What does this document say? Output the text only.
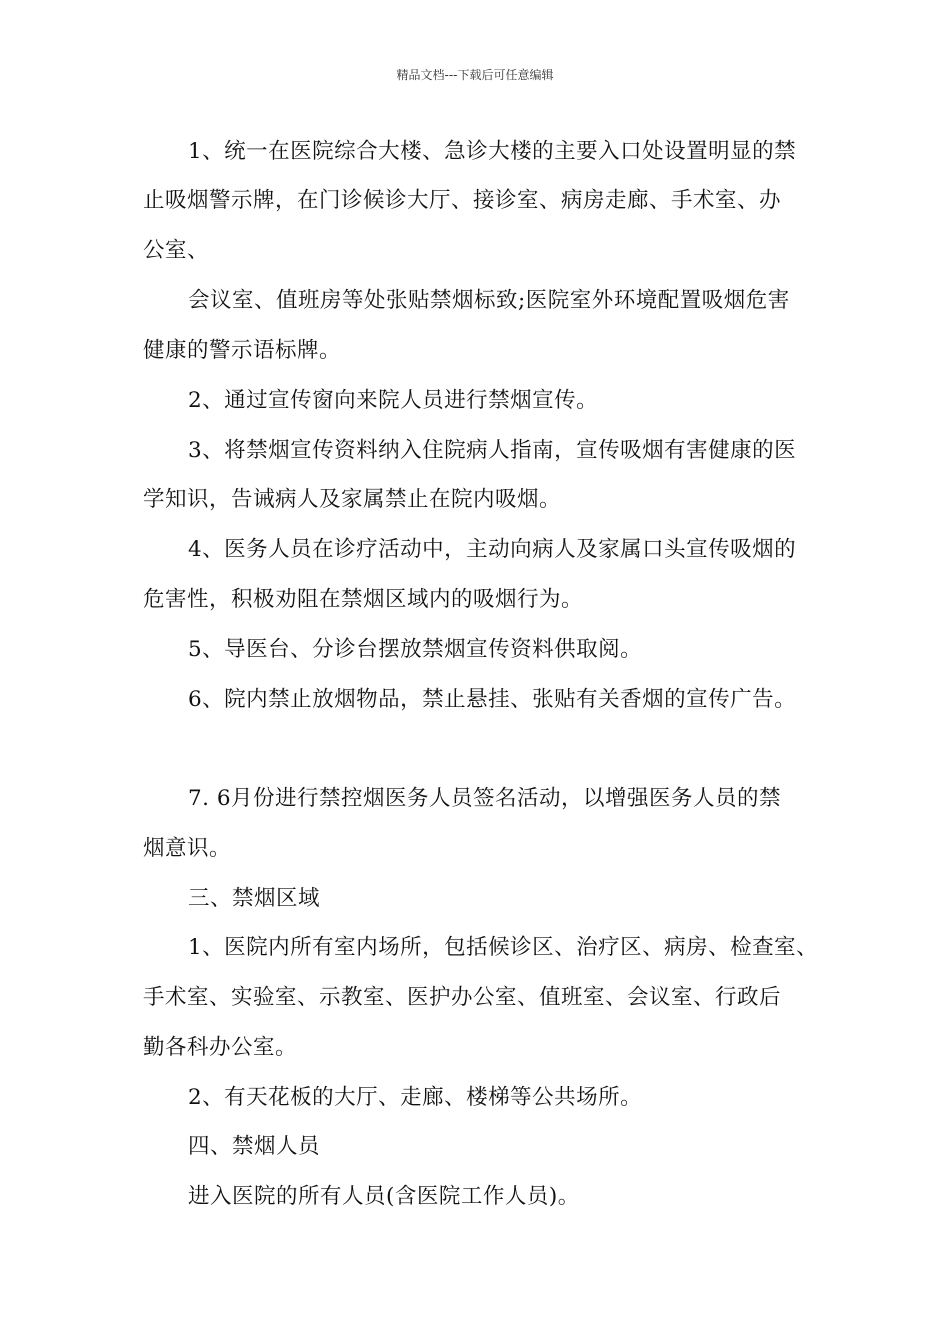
精品文档---下载后可任意编辑
1、统一在医院综合大楼、急诊大楼的主要入口处设置明显的禁
止吸烟警示牌，在门诊候诊大厅、接诊室、病房走廊、手术室、办
公室、
会议室、值班房等处张贴禁烟标致;医院室外环境配置吸烟危害
健康的警示语标牌。
2、通过宣传窗向来院人员进行禁烟宣传。
3、将禁烟宣传资料纳入住院病人指南，宣传吸烟有害健康的医
学知识，告诫病人及家属禁止在院内吸烟。
4、医务人员在诊疗活动中，主动向病人及家属口头宣传吸烟的
危害性，积极劝阻在禁烟区域内的吸烟行为。
5、导医台、分诊台摆放禁烟宣传资料供取阅。
6、院内禁止放烟物品，禁止悬挂、张贴有关香烟的宣传广告。
7. 6月份进行禁控烟医务人员签名活动，以增强医务人员的禁
烟意识。
三、禁烟区域
1、医院内所有室内场所，包括候诊区、治疗区、病房、检查室、
手术室、实验室、示教室、医护办公室、值班室、会议室、行政后
勤各科办公室。
2、有天花板的大厅、走廊、楼梯等公共场所。
四、禁烟人员
进入医院的所有人员(含医院工作人员)。
